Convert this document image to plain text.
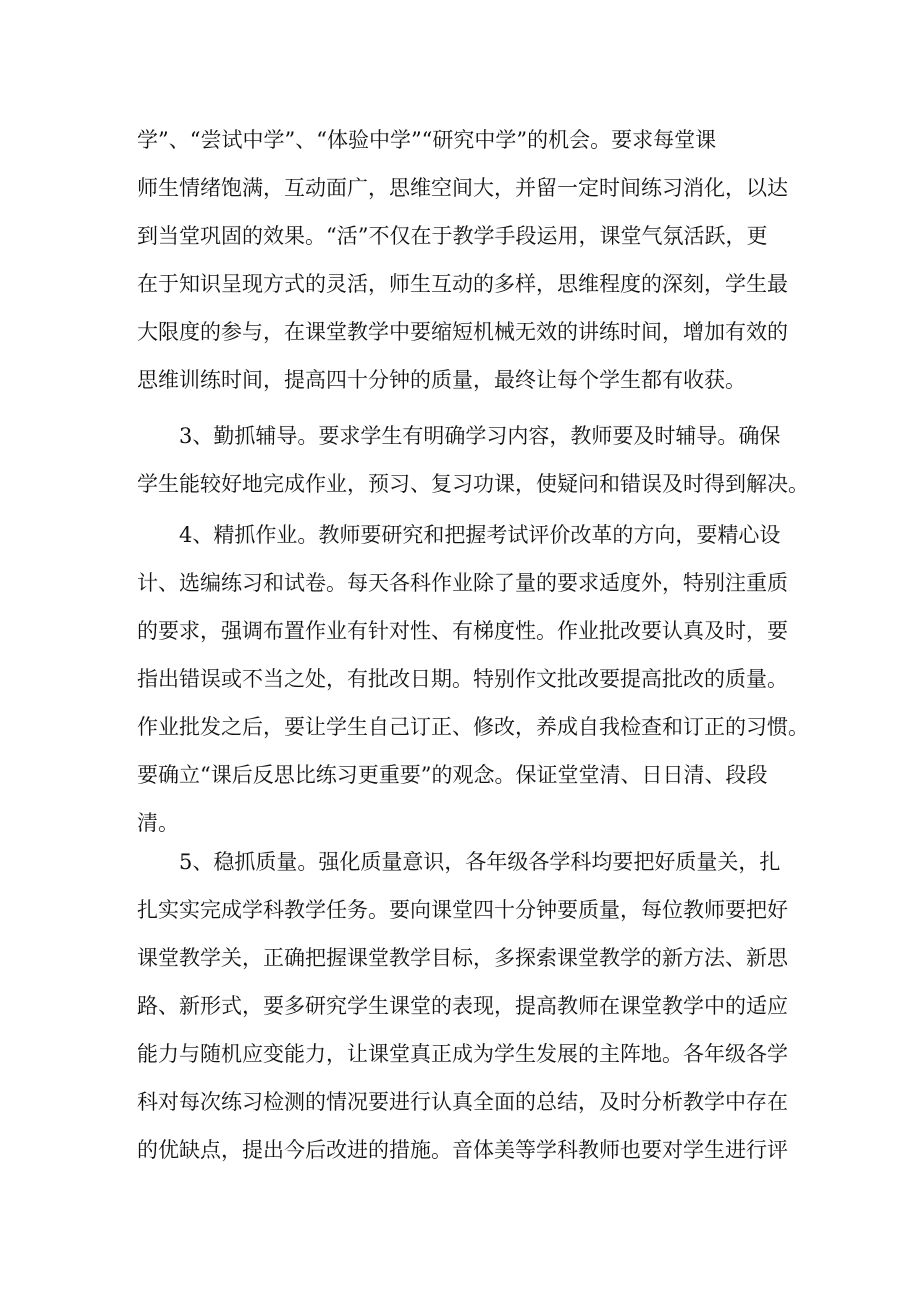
学”、“尝试中学”、“体验中学”“研究中学”的机会。要求每堂课
师生情绪饱满，互动面广，思维空间大，并留一定时间练习消化，以达
到当堂巩固的效果。“活”不仅在于教学手段运用，课堂气氛活跃，更
在于知识呈现方式的灵活，师生互动的多样，思维程度的深刻，学生最
大限度的参与，在课堂教学中要缩短机械无效的讲练时间，增加有效的
思维训练时间，提高四十分钟的质量，最终让每个学生都有收获。
3、勤抓辅导。要求学生有明确学习内容，教师要及时辅导。确保
学生能较好地完成作业，预习、复习功课，使疑问和错误及时得到解决。
4、精抓作业。教师要研究和把握考试评价改革的方向，要精心设
计、选编练习和试卷。每天各科作业除了量的要求适度外，特别注重质
的要求，强调布置作业有针对性、有梯度性。作业批改要认真及时，要
指出错误或不当之处，有批改日期。特别作文批改要提高批改的质量。
作业批发之后，要让学生自己订正、修改，养成自我检查和订正的习惯。
要确立“课后反思比练习更重要”的观念。保证堂堂清、日日清、段段
清。
5、稳抓质量。强化质量意识，各年级各学科均要把好质量关，扎
扎实实完成学科教学任务。要向课堂四十分钟要质量，每位教师要把好
课堂教学关，正确把握课堂教学目标，多探索课堂教学的新方法、新思
路、新形式，要多研究学生课堂的表现，提高教师在课堂教学中的适应
能力与随机应变能力，让课堂真正成为学生发展的主阵地。各年级各学
科对每次练习检测的情况要进行认真全面的总结，及时分析教学中存在
的优缺点，提出今后改进的措施。音体美等学科教师也要对学生进行评
